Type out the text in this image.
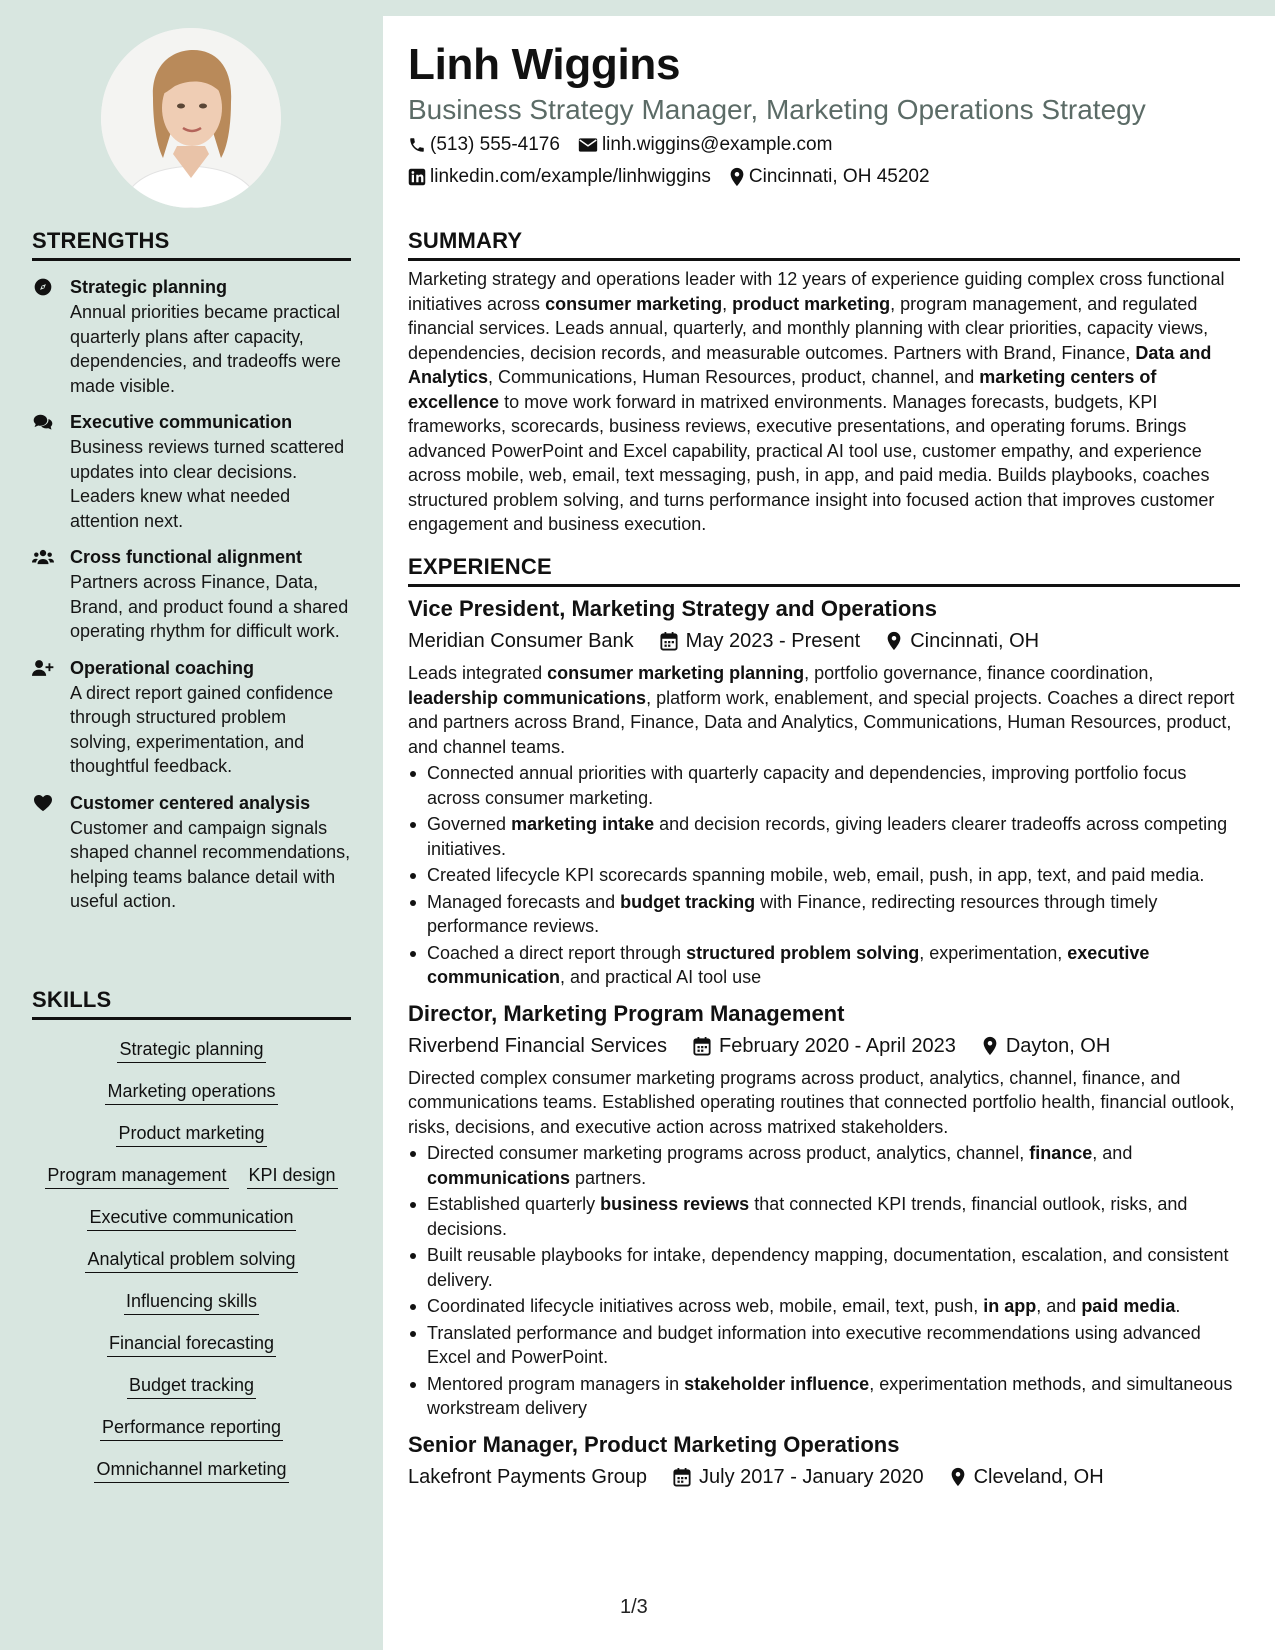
STRENGTHS
Strategic planning
Annual priorities became practical quarterly plans after capacity, dependencies, and tradeoffs were made visible.
Executive communication
Business reviews turned scattered updates into clear decisions. Leaders knew what needed attention next.
Cross functional alignment
Partners across Finance, Data, Brand, and product found a shared operating rhythm for difficult work.
Operational coaching
A direct report gained confidence through structured problem solving, experimentation, and thoughtful feedback.
Customer centered analysis
Customer and campaign signals shaped channel recommendations, helping teams balance detail with useful action.
SKILLS
Strategic planning
Marketing operations
Product marketing
Program management KPI design
Executive communication
Analytical problem solving
Influencing skills
Financial forecasting
Budget tracking
Performance reporting
Omnichannel marketing
Linh Wiggins
Business Strategy Manager, Marketing Operations Strategy
(513) 555-4176 linh.wiggins@example.com
linkedin.com/example/linhwiggins Cincinnati, OH 45202
SUMMARY
Marketing strategy and operations leader with 12 years of experience guiding complex cross functional initiatives across consumer marketing, product marketing, program management, and regulated financial services. Leads annual, quarterly, and monthly planning with clear priorities, capacity views, dependencies, decision records, and measurable outcomes. Partners with Brand, Finance, Data and Analytics, Communications, Human Resources, product, channel, and marketing centers of excellence to move work forward in matrixed environments. Manages forecasts, budgets, KPI frameworks, scorecards, business reviews, executive presentations, and operating forums. Brings advanced PowerPoint and Excel capability, practical AI tool use, customer empathy, and experience across mobile, web, email, text messaging, push, in app, and paid media. Builds playbooks, coaches structured problem solving, and turns performance insight into focused action that improves customer engagement and business execution.
EXPERIENCE
Vice President, Marketing Strategy and Operations
Meridian Consumer Bank	May 2023 - Present	Cincinnati, OH
Leads integrated consumer marketing planning, portfolio governance, finance coordination, leadership communications, platform work, enablement, and special projects. Coaches a direct report and partners across Brand, Finance, Data and Analytics, Communications, Human Resources, product, and channel teams.
Connected annual priorities with quarterly capacity and dependencies, improving portfolio focus across consumer marketing.
Governed marketing intake and decision records, giving leaders clearer tradeoffs across competing initiatives.
Created lifecycle KPI scorecards spanning mobile, web, email, push, in app, text, and paid media.
Managed forecasts and budget tracking with Finance, redirecting resources through timely performance reviews.
Coached a direct report through structured problem solving, experimentation, executive communication, and practical AI tool use
Director, Marketing Program Management
Riverbend Financial Services	February 2020 - April 2023	Dayton, OH
Directed complex consumer marketing programs across product, analytics, channel, finance, and communications teams. Established operating routines that connected portfolio health, financial outlook, risks, decisions, and executive action across matrixed stakeholders.
Directed consumer marketing programs across product, analytics, channel, finance, and communications partners.
Established quarterly business reviews that connected KPI trends, financial outlook, risks, and decisions.
Built reusable playbooks for intake, dependency mapping, documentation, escalation, and consistent delivery.
Coordinated lifecycle initiatives across web, mobile, email, text, push, in app, and paid media.
Translated performance and budget information into executive recommendations using advanced Excel and PowerPoint.
Mentored program managers in stakeholder influence, experimentation methods, and simultaneous workstream delivery
Senior Manager, Product Marketing Operations
Lakefront Payments Group	July 2017 - January 2020	Cleveland, OH
1/3
